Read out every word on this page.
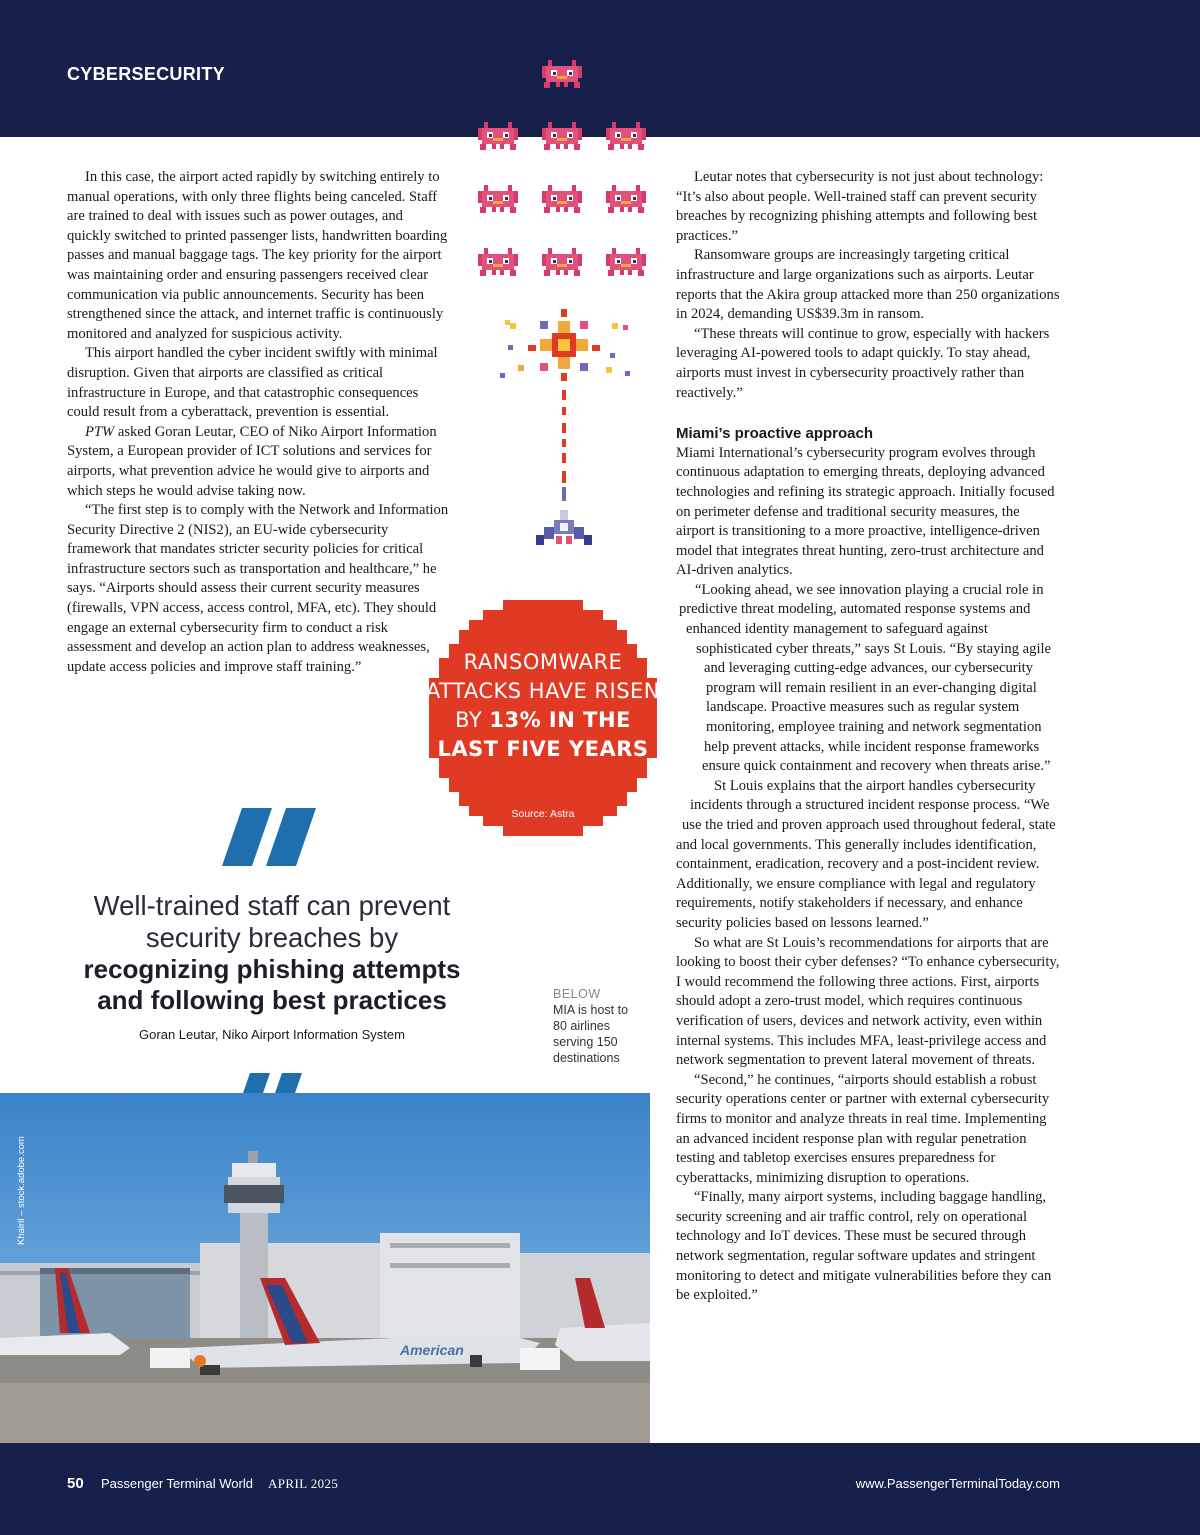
CYBERSECURITY

In this case, the airport acted rapidly by switching entirely to manual operations, with only three flights being canceled. Staff are trained to deal with issues such as power outages, and quickly switched to printed passenger lists, handwritten boarding passes and manual baggage tags. The key priority for the airport was maintaining order and ensuring passengers received clear communication via public announcements. Security has been strengthened since the attack, and internet traffic is continuously monitored and analyzed for suspicious activity.

This airport handled the cyber incident swiftly with minimal disruption. Given that airports are classified as critical infrastructure in Europe, and that catastrophic consequences could result from a cyberattack, prevention is essential.

PTW asked Goran Leutar, CEO of Niko Airport Information System, a European provider of ICT solutions and services for airports, what prevention advice he would give to airports and which steps he would advise taking now.

“The first step is to comply with the Network and Information Security Directive 2 (NIS2), an EU-wide cybersecurity framework that mandates stricter security policies for critical infrastructure sectors such as transportation and healthcare,” he says. “Airports should assess their current security measures (firewalls, VPN access, access control, MFA, etc). They should engage an external cybersecurity firm to conduct a risk assessment and develop an action plan to address weaknesses, update access policies and improve staff training.”

Leutar notes that cybersecurity is not just about technology: “It’s also about people. Well-trained staff can prevent security breaches by recognizing phishing attempts and following best practices.”

Ransomware groups are increasingly targeting critical infrastructure and large organizations such as airports. Leutar reports that the Akira group attacked more than 250 organizations in 2024, demanding US$39.3m in ransom.

“These threats will continue to grow, especially with hackers leveraging AI-powered tools to adapt quickly. To stay ahead, airports must invest in cybersecurity proactively rather than reactively.”

Miami’s proactive approach

Miami International’s cybersecurity program evolves through continuous adaptation to emerging threats, deploying advanced technologies and refining its strategic approach. Initially focused on perimeter defense and traditional security measures, the airport is transitioning to a more proactive, intelligence-driven model that integrates threat hunting, zero-trust architecture and AI-driven analytics.

“Looking ahead, we see innovation playing a crucial role in predictive threat modeling, automated response systems and enhanced identity management to safeguard against sophisticated cyber threats,” says St Louis. “By staying agile and leveraging cutting-edge advances, our cybersecurity program will remain resilient in an ever-changing digital landscape. Proactive measures such as regular system monitoring, employee training and network segmentation help prevent attacks, while incident response frameworks ensure quick containment and recovery when threats arise.”

St Louis explains that the airport handles cybersecurity incidents through a structured incident response process. “We use the tried and proven approach used throughout federal, state and local governments. This generally includes identification, containment, eradication, recovery and a post-incident review. Additionally, we ensure compliance with legal and regulatory requirements, notify stakeholders if necessary, and enhance security policies based on lessons learned.”

So what are St Louis’s recommendations for airports that are looking to boost their cyber defenses? “To enhance cybersecurity, I would recommend the following three actions. First, airports should adopt a zero-trust model, which requires continuous verification of users, devices and network activity, even within internal systems. This includes MFA, least-privilege access and network segmentation to prevent lateral movement of threats.

“Second,” he continues, “airports should establish a robust security operations center or partner with external cybersecurity firms to monitor and analyze threats in real time. Implementing an advanced incident response plan with regular penetration testing and tabletop exercises ensures preparedness for cyberattacks, minimizing disruption to operations.

“Finally, many airport systems, including baggage handling, security screening and air traffic control, rely on operational technology and IoT devices. These must be secured through network segmentation, regular software updates and stringent monitoring to detect and mitigate vulnerabilities before they can be exploited.”

RANSOMWARE ATTACKS HAVE RISEN BY 13% IN THE LAST FIVE YEARS
Source: Astra
Well-trained staff can prevent security breaches by
recognizing phishing attempts and following best practices
Goran Leutar, Niko Airport Information System
BELOW
MIA is host to 80 airlines serving 150 destinations
American
Khairil – stock.adobe.com
50 Passenger Terminal World APRIL 2025	www.PassengerTerminalToday.com
